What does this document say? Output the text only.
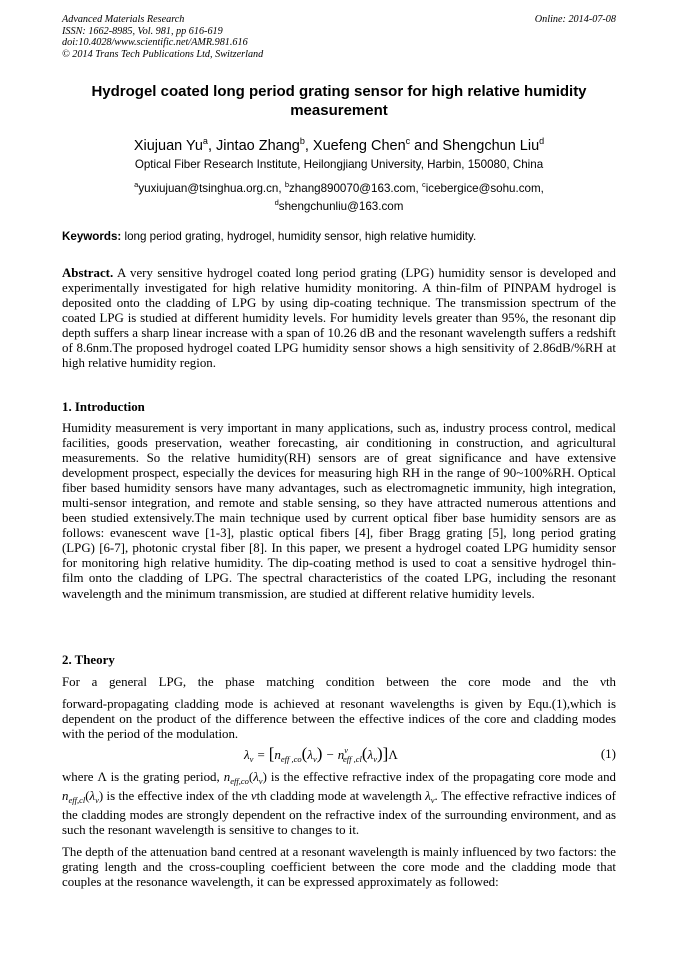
Advanced Materials Research
ISSN: 1662-8985, Vol. 981, pp 616-619
doi:10.4028/www.scientific.net/AMR.981.616
© 2014 Trans Tech Publications Ltd, Switzerland
Online: 2014-07-08
Hydrogel coated long period grating sensor for high relative humidity measurement
Xiujuan Yu$^a$, Jintao Zhang$^b$, Xuefeng Chen$^c$ and Shengchun Liu$^d$
Optical Fiber Research Institute, Heilongjiang University, Harbin, 150080, China
$^a$yuxiujuan@tsinghua.org.cn, $^b$zhang890070@163.com, $^c$icebergice@sohu.com,
$^d$shengchunliu@163.com
Keywords: long period grating, hydrogel, humidity sensor, high relative humidity.
Abstract. A very sensitive hydrogel coated long period grating (LPG) humidity sensor is developed and experimentally investigated for high relative humidity monitoring. A thin-film of PINPAM hydrogel is deposited onto the cladding of LPG by using dip-coating technique. The transmission spectrum of the coated LPG is studied at different humidity levels. For humidity levels greater than 95%, the resonant dip depth suffers a sharp linear increase with a span of 10.26 dB and the resonant wavelength suffers a redshift of 8.6nm.The proposed hydrogel coated LPG humidity sensor shows a high sensitivity of 2.86dB/%RH at high relative humidity region.
1. Introduction
Humidity measurement is very important in many applications, such as, industry process control, medical facilities, goods preservation, weather forecasting, air conditioning in construction, and agricultural measurements. So the relative humidity(RH) sensors are of great significance and have extensive development prospect, especially the devices for measuring high RH in the range of 90~100%RH. Optical fiber based humidity sensors have many advantages, such as electromagnetic immunity, high integration, multi-sensor integration, and remote and stable sensing, so they have attracted numerous attentions and been studied extensively.The main technique used by current optical fiber base humidity sensors are as follows: evanescent wave [1-3], plastic optical fibers [4], fiber Bragg grating [5], long period grating (LPG) [6-7], photonic crystal fiber [8]. In this paper, we present a hydrogel coated LPG humidity sensor for monitoring high relative humidity. The dip-coating method is used to coat a sensitive hydrogel thin-film onto the cladding of LPG. The spectral characteristics of the coated LPG, including the resonant wavelength and the minimum transmission, are studied at different relative humidity levels.
2. Theory
For a general LPG, the phase matching condition between the core mode and the νth
forward-propagating cladding mode is achieved at resonant wavelengths is given by Equ.(1),which is dependent on the product of the difference between the effective indices of the core and cladding modes with the period of the modulation.
$\lambda_\nu = [n_{eff ,co}(\lambda_\nu) - n^\nu_{eff ,cl}(\lambda_\nu)]\Lambda$	(1)
where Λ is the grating period, $n_{eff,co}(\lambda_\nu)$ is the effective refractive index of the propagating core mode and $n_{eff,cl}(\lambda_\nu)$ is the effective index of the νth cladding mode at wavelength $\lambda_\nu$. The effective refractive indices of the cladding modes are strongly dependent on the refractive index of the surrounding environment, and as such the resonant wavelength is sensitive to changes to it.
The depth of the attenuation band centred at a resonant wavelength is mainly influenced by two factors: the grating length and the cross-coupling coefficient between the core mode and the cladding mode that couples at the resonance wavelength, it can be expressed approximately as followed:
